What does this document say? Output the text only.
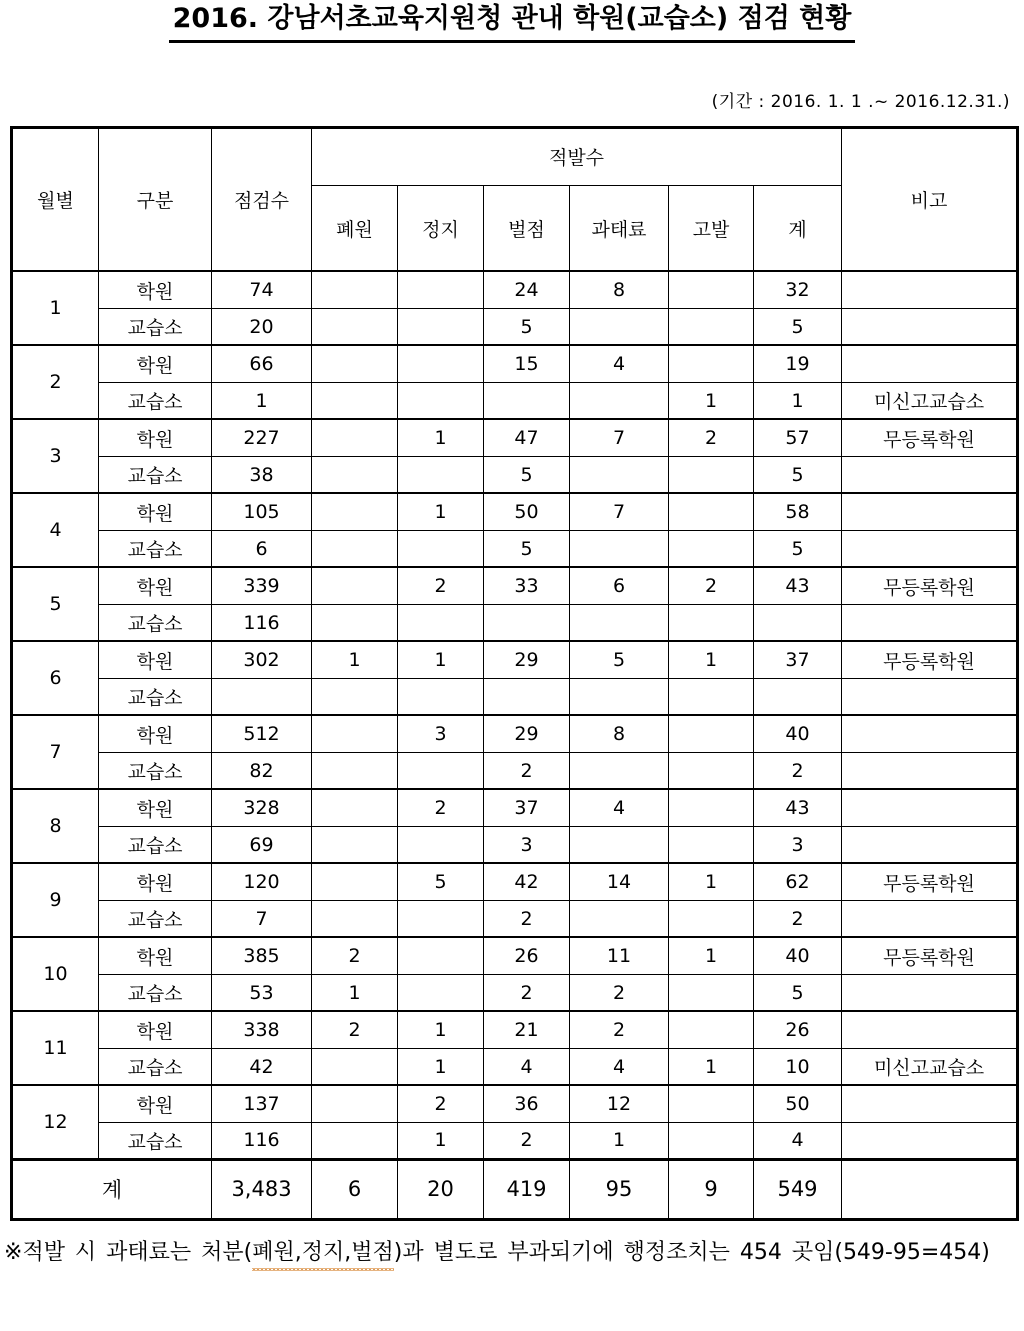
2016. 강남서초교육지원청 관내 학원(교습소) 점검 현황
(기간 : 2016. 1. 1 .~ 2016.12.31.)
월별	구분	점검수	적발수						비고
			폐원	정지	벌점	과태료	고발	계	
1	학원	74			24	8		32	
	교습소	20			5			5	
2	학원	66			15	4		19	
	교습소	1					1	1	미신고교습소
3	학원	227		1	47	7	2	57	무등록학원
	교습소	38			5			5	
4	학원	105		1	50	7		58	
	교습소	6			5			5	
5	학원	339		2	33	6	2	43	무등록학원
	교습소	116							
6	학원	302	1	1	29	5	1	37	무등록학원
	교습소								
7	학원	512		3	29	8		40	
	교습소	82			2			2	
8	학원	328		2	37	4		43	
	교습소	69			3			3	
9	학원	120		5	42	14	1	62	무등록학원
	교습소	7			2			2	
10	학원	385	2		26	11	1	40	무등록학원
	교습소	53	1		2	2		5	
11	학원	338	2	1	21	2		26	
	교습소	42		1	4	4	1	10	미신고교습소
12	학원	137		2	36	12		50	
	교습소	116		1	2	1		4	
계		3,483	6	20	419	95	9	549	
※적발 시 과태료는 처분(폐원,정지,벌점)과 별도로 부과되기에 행정조치는 454 곳임(549-95=454)
